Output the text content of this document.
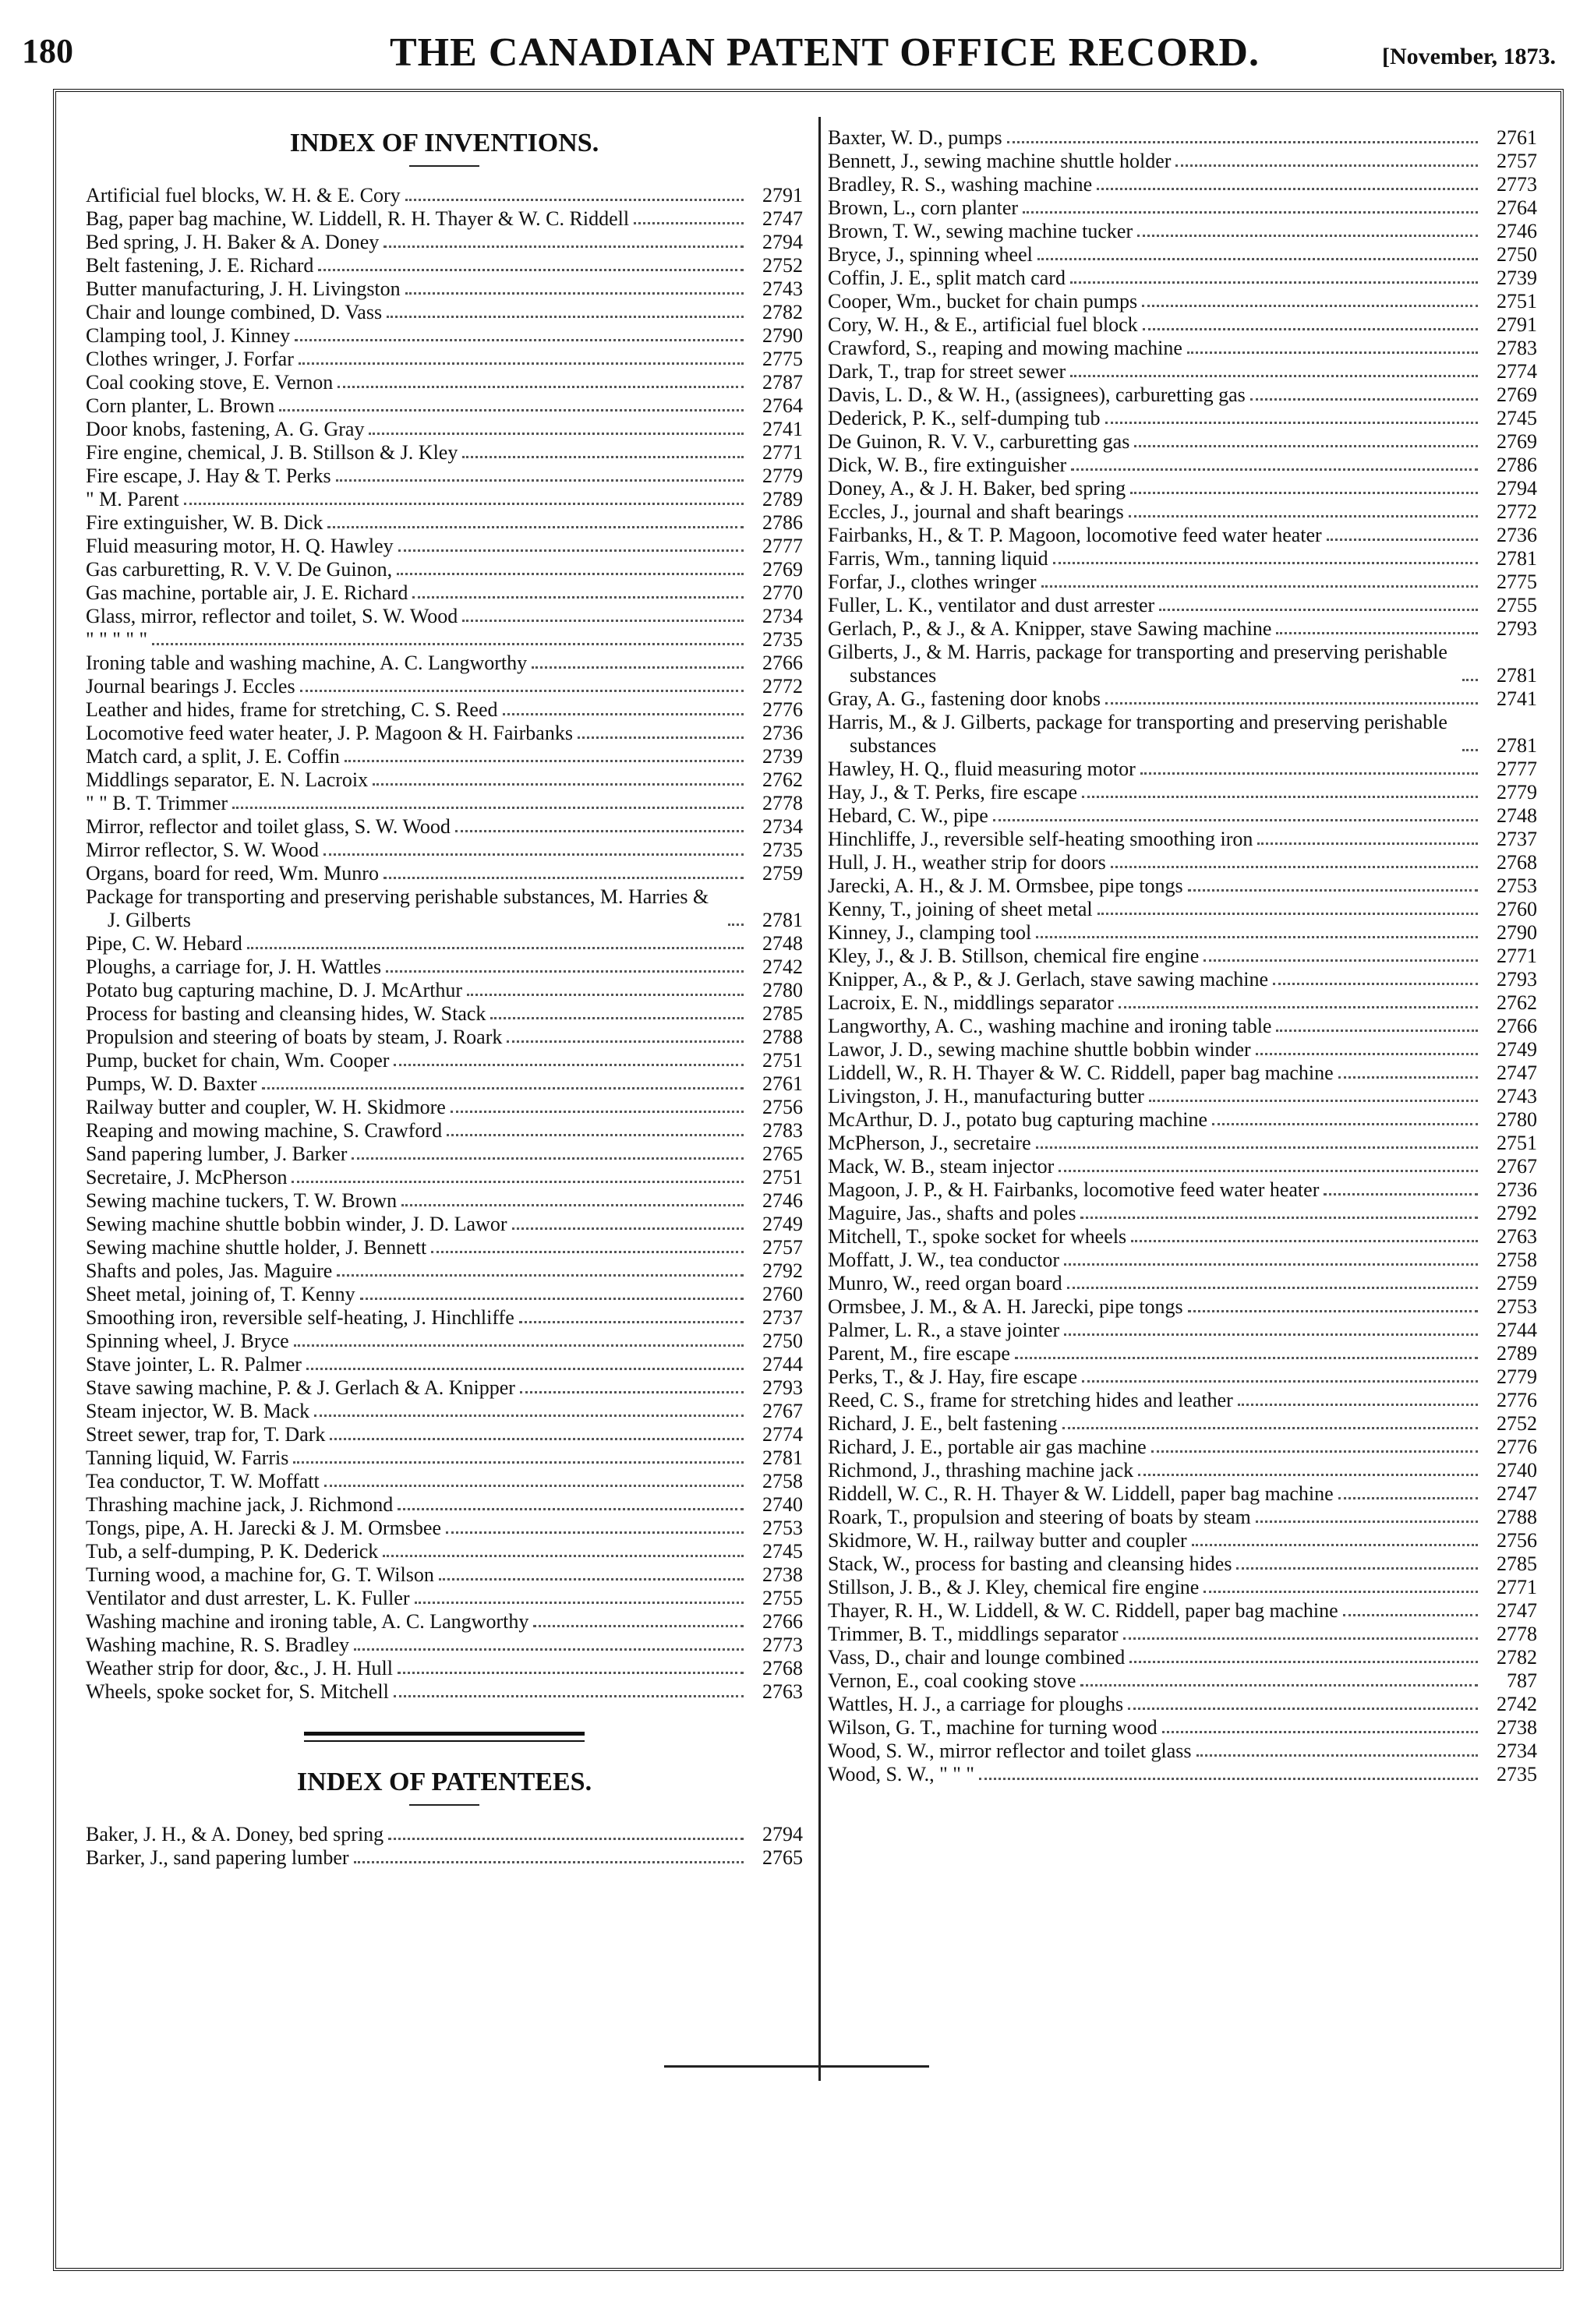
180	THE CANADIAN PATENT OFFICE RECORD.	[November, 1873.
INDEX OF INVENTIONS.
Artificial fuel blocks, W. H. & E. Cory	2791
Bag, paper bag machine, W. Liddell, R. H. Thayer & W. C. Riddell	2747
Bed spring, J. H. Baker & A. Doney	2794
Belt fastening, J. E. Richard	2752
Butter manufacturing, J. H. Livingston	2743
Chair and lounge combined, D. Vass	2782
Clamping tool, J. Kinney	2790
Clothes wringer, J. Forfar	2775
Coal cooking stove, E. Vernon	2787
Corn planter, L. Brown	2764
Door knobs, fastening, A. G. Gray	2741
Fire engine, chemical, J. B. Stillson & J. Kley	2771
Fire escape, J. Hay & T. Perks	2779
" M. Parent	2789
Fire extinguisher, W. B. Dick	2786
Fluid measuring motor, H. Q. Hawley	2777
Gas carburetting, R. V. V. De Guinon,	2769
Gas machine, portable air, J. E. Richard	2770
Glass, mirror, reflector and toilet, S. W. Wood	2734
" " " " "	2735
Ironing table and washing machine, A. C. Langworthy	2766
Journal bearings J. Eccles	2772
Leather and hides, frame for stretching, C. S. Reed	2776
Locomotive feed water heater, J. P. Magoon & H. Fairbanks	2736
Match card, a split, J. E. Coffin	2739
Middlings separator, E. N. Lacroix	2762
" " B. T. Trimmer	2778
Mirror, reflector and toilet glass, S. W. Wood	2734
Mirror reflector, S. W. Wood	2735
Organs, board for reed, Wm. Munro	2759
Package for transporting and preserving perishable substances, M. Harries & J. Gilberts	2781
Pipe, C. W. Hebard	2748
Ploughs, a carriage for, J. H. Wattles	2742
Potato bug capturing machine, D. J. McArthur	2780
Process for basting and cleansing hides, W. Stack	2785
Propulsion and steering of boats by steam, J. Roark	2788
Pump, bucket for chain, Wm. Cooper	2751
Pumps, W. D. Baxter	2761
Railway butter and coupler, W. H. Skidmore	2756
Reaping and mowing machine, S. Crawford	2783
Sand papering lumber, J. Barker	2765
Secretaire, J. McPherson	2751
Sewing machine tuckers, T. W. Brown	2746
Sewing machine shuttle bobbin winder, J. D. Lawor	2749
Sewing machine shuttle holder, J. Bennett	2757
Shafts and poles, Jas. Maguire	2792
Sheet metal, joining of, T. Kenny	2760
Smoothing iron, reversible self-heating, J. Hinchliffe	2737
Spinning wheel, J. Bryce	2750
Stave jointer, L. R. Palmer	2744
Stave sawing machine, P. & J. Gerlach & A. Knipper	2793
Steam injector, W. B. Mack	2767
Street sewer, trap for, T. Dark	2774
Tanning liquid, W. Farris	2781
Tea conductor, T. W. Moffatt	2758
Thrashing machine jack, J. Richmond	2740
Tongs, pipe, A. H. Jarecki & J. M. Ormsbee	2753
Tub, a self-dumping, P. K. Dederick	2745
Turning wood, a machine for, G. T. Wilson	2738
Ventilator and dust arrester, L. K. Fuller	2755
Washing machine and ironing table, A. C. Langworthy	2766
Washing machine, R. S. Bradley	2773
Weather strip for door, &c., J. H. Hull	2768
Wheels, spoke socket for, S. Mitchell	2763
INDEX OF PATENTEES.
Baker, J. H., & A. Doney, bed spring	2794
Barker, J., sand papering lumber	2765
Baxter, W. D., pumps	2761
Bennett, J., sewing machine shuttle holder	2757
Bradley, R. S., washing machine	2773
Brown, L., corn planter	2764
Brown, T. W., sewing machine tucker	2746
Bryce, J., spinning wheel	2750
Coffin, J. E., split match card	2739
Cooper, Wm., bucket for chain pumps	2751
Cory, W. H., & E., artificial fuel block	2791
Crawford, S., reaping and mowing machine	2783
Dark, T., trap for street sewer	2774
Davis, L. D., & W. H., (assignees), carburetting gas	2769
Dederick, P. K., self-dumping tub	2745
De Guinon, R. V. V., carburetting gas	2769
Dick, W. B., fire extinguisher	2786
Doney, A., & J. H. Baker, bed spring	2794
Eccles, J., journal and shaft bearings	2772
Fairbanks, H., & T. P. Magoon, locomotive feed water heater	2736
Farris, Wm., tanning liquid	2781
Forfar, J., clothes wringer	2775
Fuller, L. K., ventilator and dust arrester	2755
Gerlach, P., & J., & A. Knipper, stave Sawing machine	2793
Gilberts, J., & M. Harris, package for transporting and preserving perishable substances	2781
Gray, A. G., fastening door knobs	2741
Harris, M., & J. Gilberts, package for transporting and preserving perishable substances	2781
Hawley, H. Q., fluid measuring motor	2777
Hay, J., & T. Perks, fire escape	2779
Hebard, C. W., pipe	2748
Hinchliffe, J., reversible self-heating smoothing iron	2737
Hull, J. H., weather strip for doors	2768
Jarecki, A. H., & J. M. Ormsbee, pipe tongs	2753
Kenny, T., joining of sheet metal	2760
Kinney, J., clamping tool	2790
Kley, J., & J. B. Stillson, chemical fire engine	2771
Knipper, A., & P., & J. Gerlach, stave sawing machine	2793
Lacroix, E. N., middlings separator	2762
Langworthy, A. C., washing machine and ironing table	2766
Lawor, J. D., sewing machine shuttle bobbin winder	2749
Liddell, W., R. H. Thayer & W. C. Riddell, paper bag machine	2747
Livingston, J. H., manufacturing butter	2743
McArthur, D. J., potato bug capturing machine	2780
McPherson, J., secretaire	2751
Mack, W. B., steam injector	2767
Magoon, J. P., & H. Fairbanks, locomotive feed water heater	2736
Maguire, Jas., shafts and poles	2792
Mitchell, T., spoke socket for wheels	2763
Moffatt, J. W., tea conductor	2758
Munro, W., reed organ board	2759
Ormsbee, J. M., & A. H. Jarecki, pipe tongs	2753
Palmer, L. R., a stave jointer	2744
Parent, M., fire escape	2789
Perks, T., & J. Hay, fire escape	2779
Reed, C. S., frame for stretching hides and leather	2776
Richard, J. E., belt fastening	2752
Richard, J. E., portable air gas machine	2776
Richmond, J., thrashing machine jack	2740
Riddell, W. C., R. H. Thayer & W. Liddell, paper bag machine	2747
Roark, T., propulsion and steering of boats by steam	2788
Skidmore, W. H., railway butter and coupler	2756
Stack, W., process for basting and cleansing hides	2785
Stillson, J. B., & J. Kley, chemical fire engine	2771
Thayer, R. H., W. Liddell, & W. C. Riddell, paper bag machine	2747
Trimmer, B. T., middlings separator	2778
Vass, D., chair and lounge combined	2782
Vernon, E., coal cooking stove	787
Wattles, H. J., a carriage for ploughs	2742
Wilson, G. T., machine for turning wood	2738
Wood, S. W., mirror reflector and toilet glass	2734
Wood, S. W., " " "	2735
